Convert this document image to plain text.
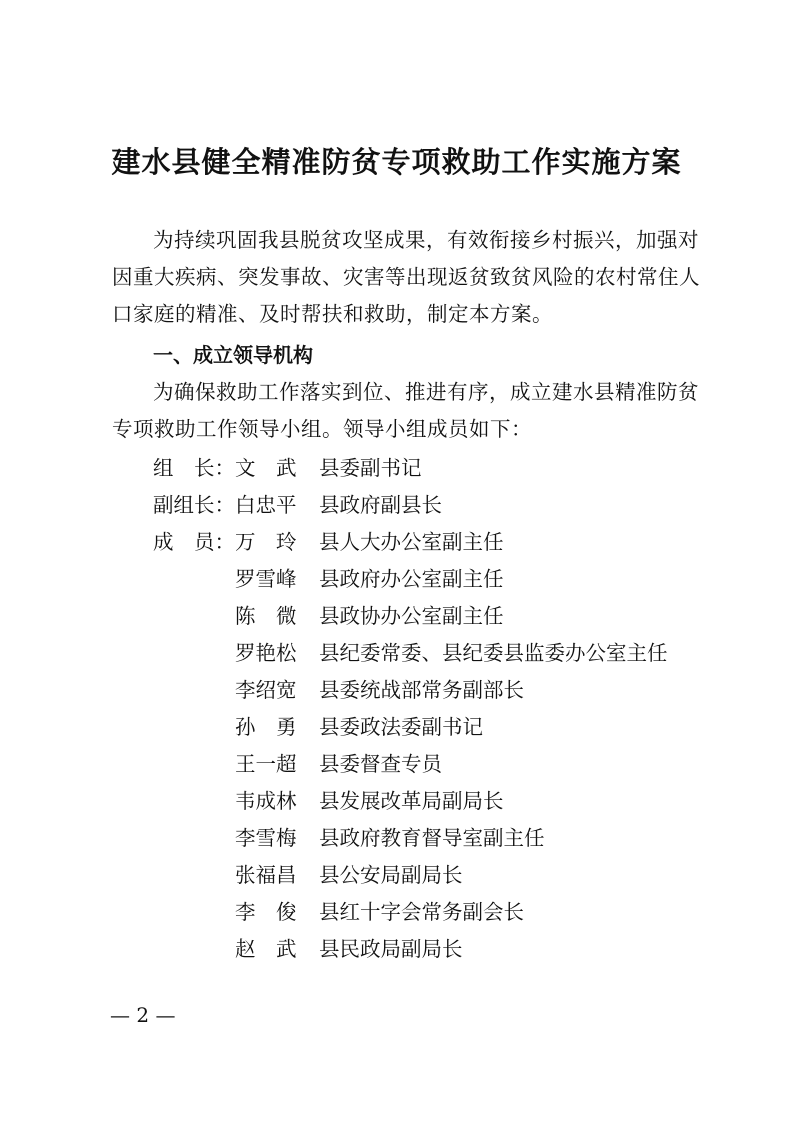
建水县健全精准防贫专项救助工作实施方案
为持续巩固我县脱贫攻坚成果，有效衔接乡村振兴，加强对
因重大疾病、突发事故、灾害等出现返贫致贫风险的农村常住人
口家庭的精准、及时帮扶和救助，制定本方案。
一、成立领导机构
为确保救助工作落实到位、推进有序，成立建水县精准防贫
专项救助工作领导小组。领导小组成员如下：
组　长： 文　武	县委副书记
副组长： 白忠平	县政府副县长
成　员： 万　玲	县人大办公室副主任
罗雪峰	县政府办公室副主任
陈　微	县政协办公室副主任
罗艳松	县纪委常委、县纪委县监委办公室主任
李绍宽	县委统战部常务副部长
孙　勇	县委政法委副书记
王一超	县委督查专员
韦成林	县发展改革局副局长
李雪梅	县政府教育督导室副主任
张福昌	县公安局副局长
李　俊	县红十字会常务副会长
赵　武	县民政局副局长
— 2 —
